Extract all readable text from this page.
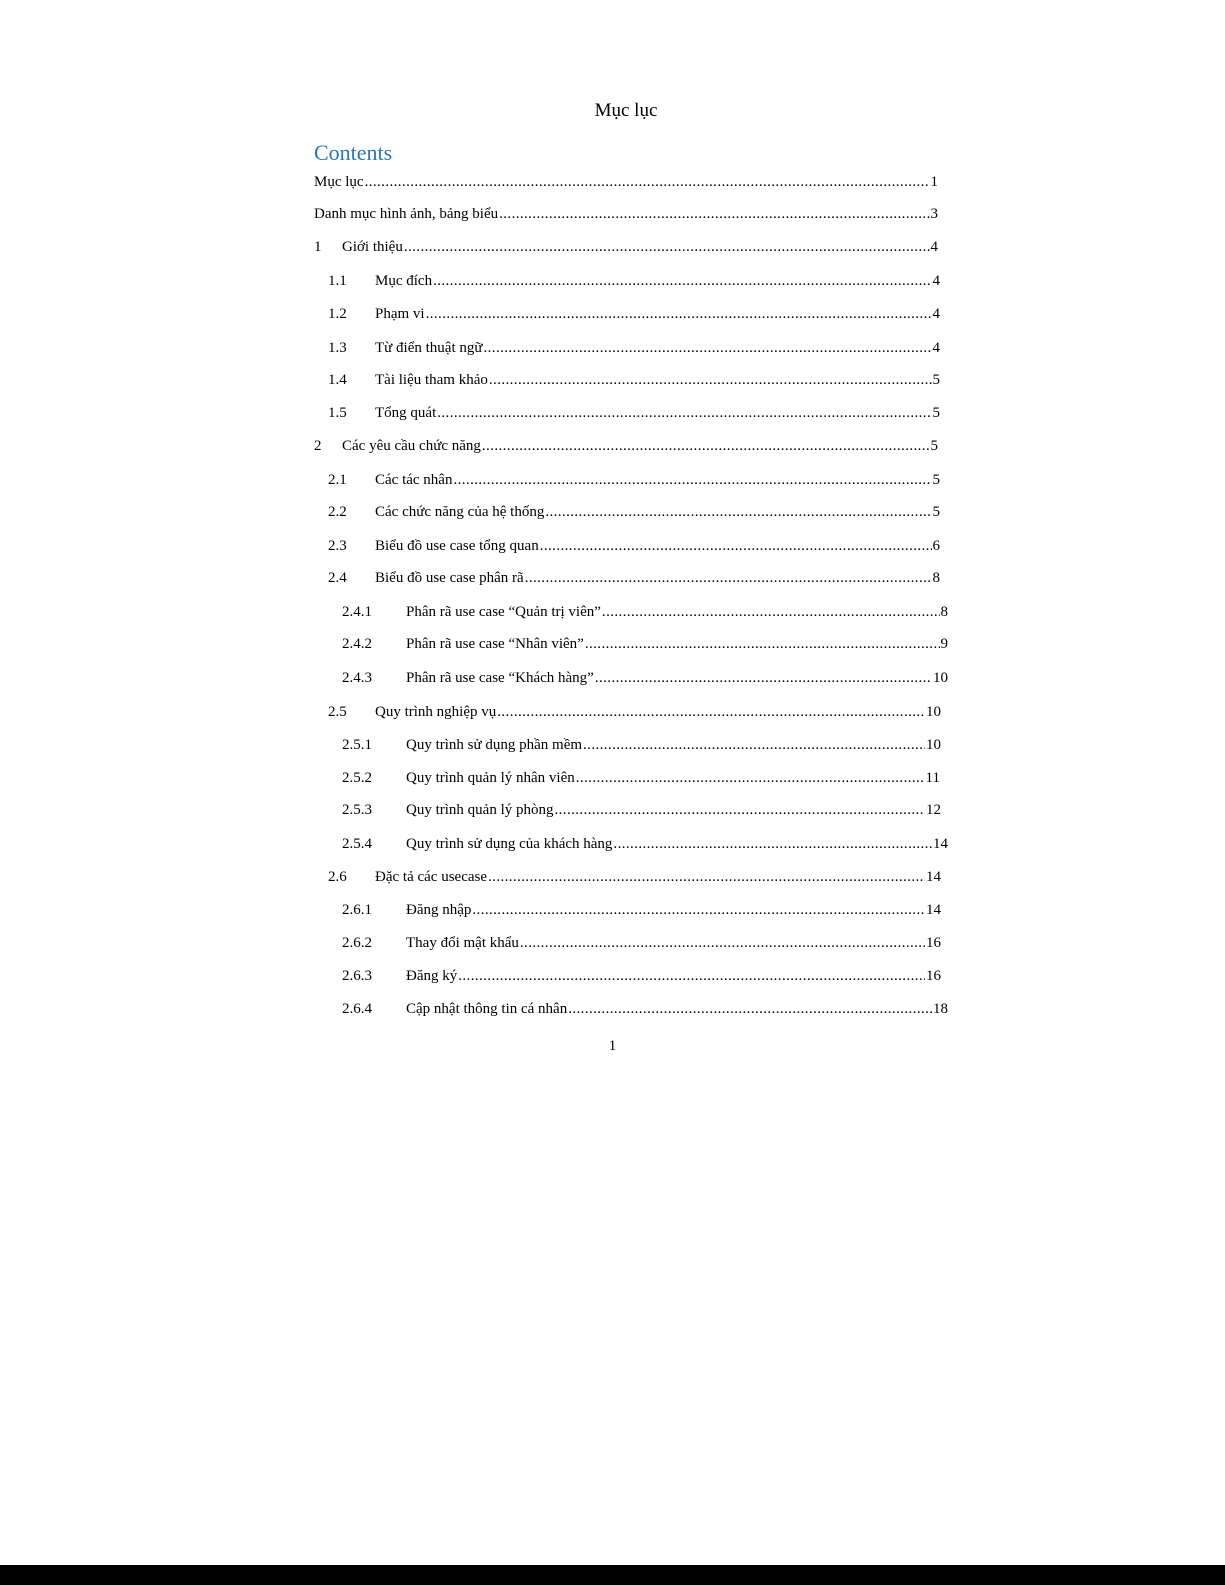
Mục lục
Contents
Mục lục .....	1
Danh mục hình ảnh, bảng biểu .....	3
1	Giới thiệu .....	4
1.1	Mục đích .....	4
1.2	Phạm vi .....	4
1.3	Từ điển thuật ngữ .....	4
1.4	Tài liệu tham khảo .....	5
1.5	Tổng quát .....	5
2	Các yêu cầu chức năng .....	5
2.1	Các tác nhân .....	5
2.2	Các chức năng của hệ thống .....	5
2.3	Biểu đồ use case tổng quan .....	6
2.4	Biểu đồ use case phân rã .....	8
2.4.1	Phân rã use case “Quản trị viên” .....	8
2.4.2	Phân rã use case “Nhân viên” .....	9
2.4.3	Phân rã use case “Khách hàng” .....	10
2.5	Quy trình nghiệp vụ .....	10
2.5.1	Quy trình sử dụng phần mềm .....	10
2.5.2	Quy trình quản lý nhân viên .....	11
2.5.3	Quy trình quản lý phòng .....	12
2.5.4	Quy trình sử dụng của khách hàng .....	14
2.6	Đặc tả các usecase .....	14
2.6.1	Đăng nhập .....	14
2.6.2	Thay đổi mật khẩu .....	16
2.6.3	Đăng ký .....	16
2.6.4	Cập nhật thông tin cá nhân .....	18
1
